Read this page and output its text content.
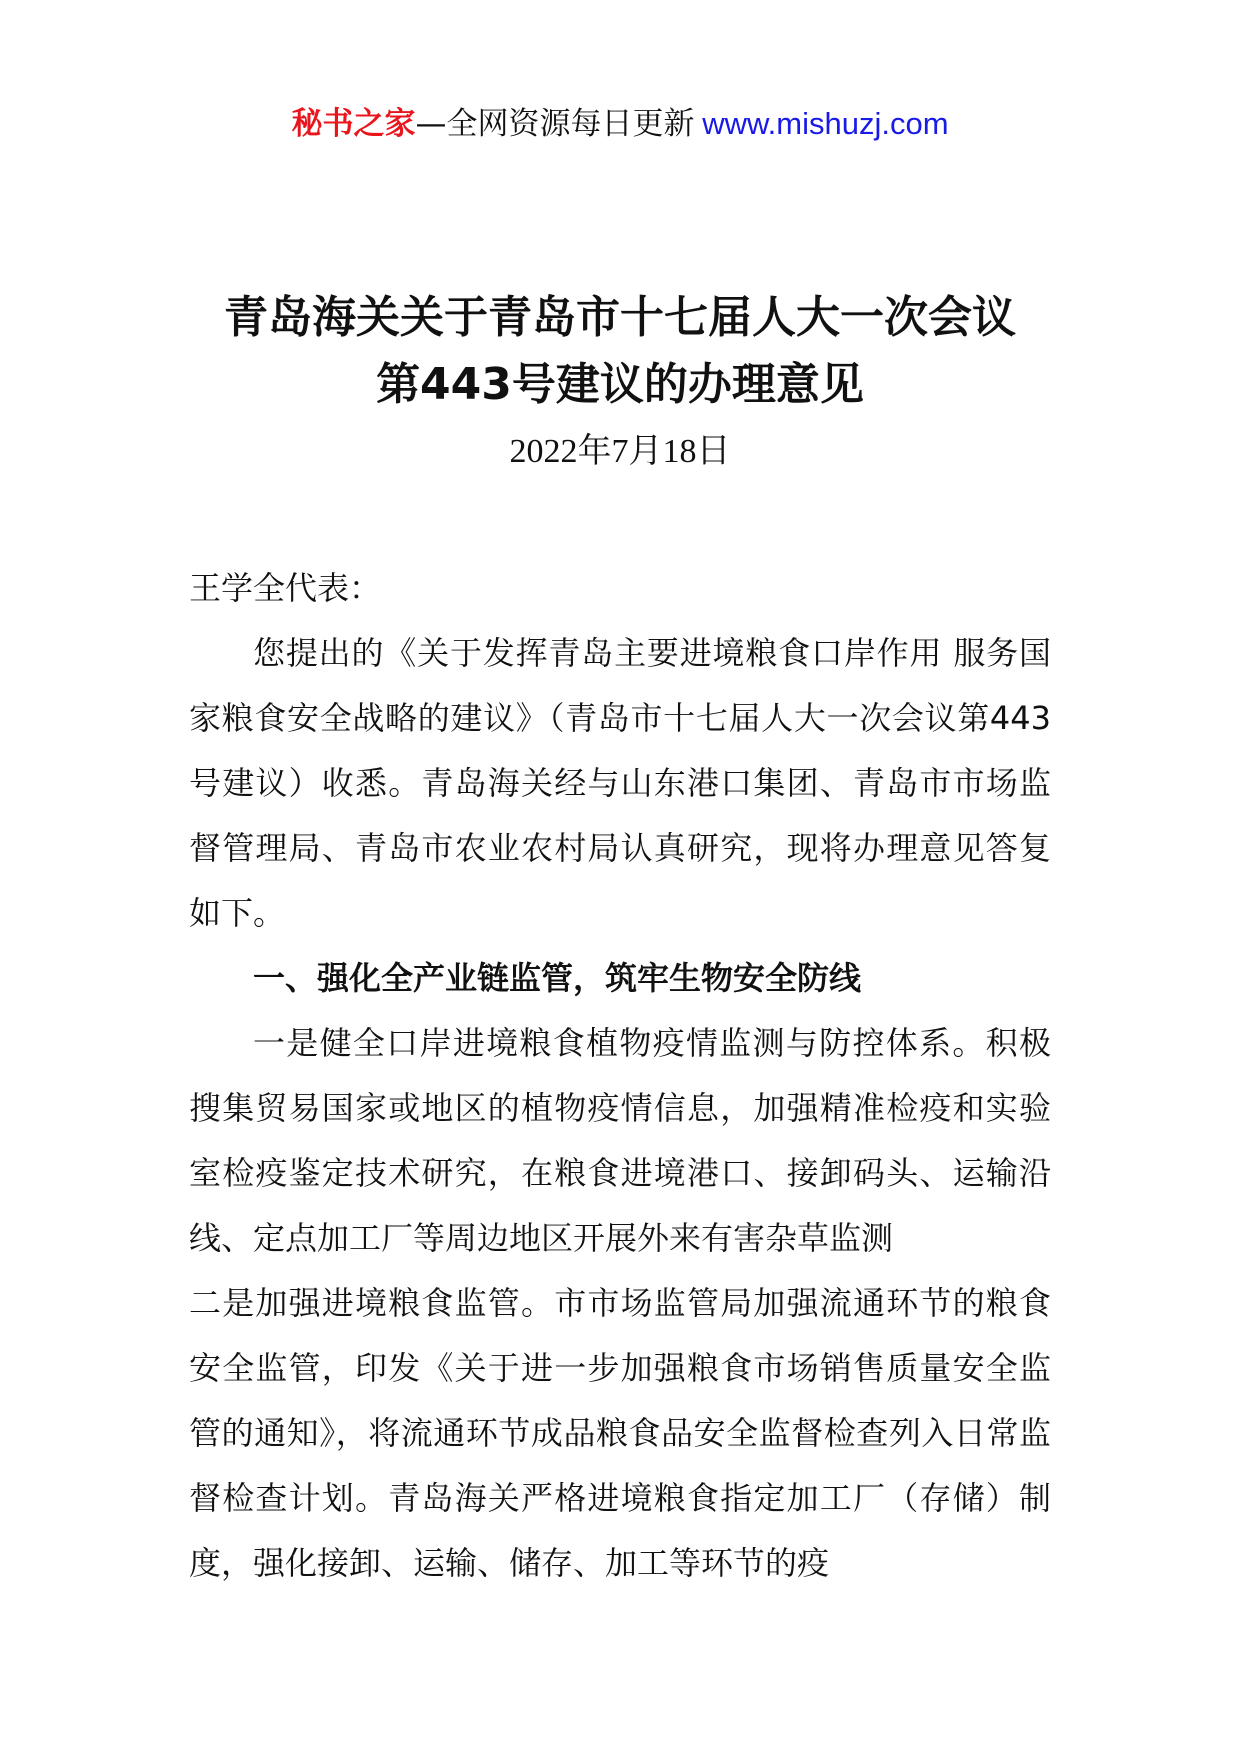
秘书之家—全网资源每日更新 www.mishuzj.com
青岛海关关于青岛市十七届人大一次会议
第443号建议的办理意见
2022年7月18日

王学全代表：

您提出的《关于发挥青岛主要进境粮食口岸作用 服务国家粮食安全战略的建议》（青岛市十七届人大一次会议第443号建议）收悉。青岛海关经与山东港口集团、青岛市市场监督管理局、青岛市农业农村局认真研究，现将办理意见答复如下。

一、强化全产业链监管，筑牢生物安全防线

一是健全口岸进境粮食植物疫情监测与防控体系。积极搜集贸易国家或地区的植物疫情信息，加强精准检疫和实验室检疫鉴定技术研究，在粮食进境港口、接卸码头、运输沿线、定点加工厂等周边地区开展外来有害杂草监测

二是加强进境粮食监管。市市场监管局加强流通环节的粮食安全监管，印发《关于进一步加强粮食市场销售质量安全监管的通知》，将流通环节成品粮食品安全监督检查列入日常监督检查计划。青岛海关严格进境粮食指定加工厂（存储）制度，强化接卸、运输、储存、加工等环节的疫
